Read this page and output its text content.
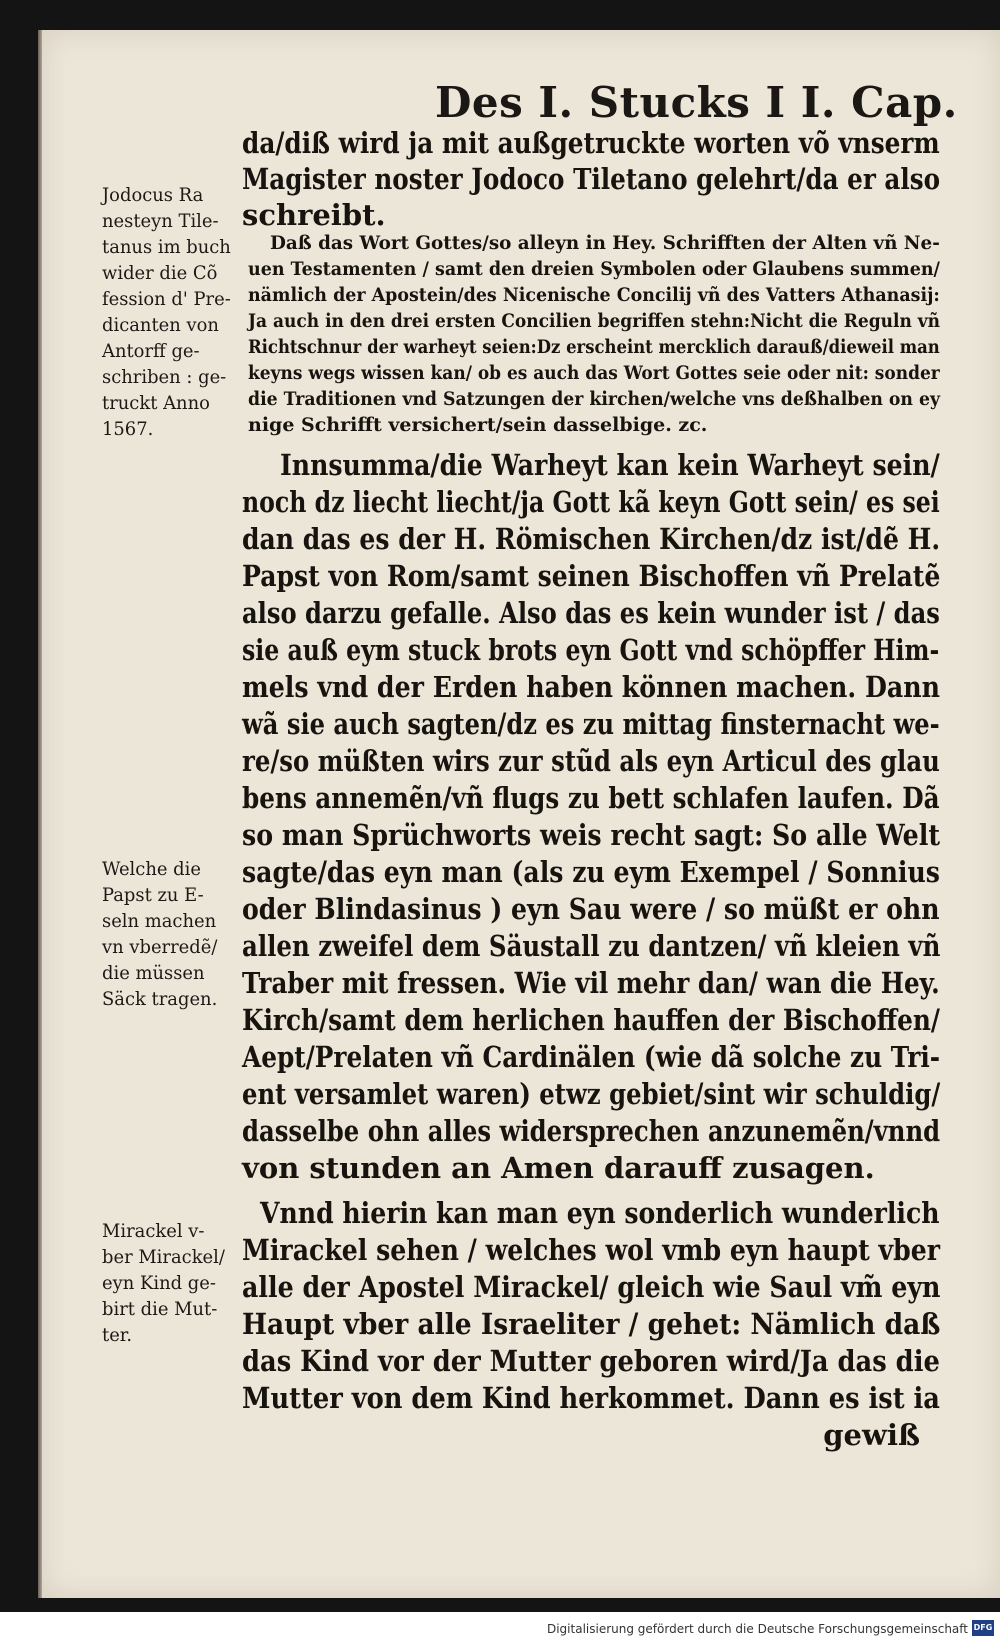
Des I. Stucks I I. Cap.
da/diß wird ja mit außgetruckte worten võ vnserm
Magister noster Jodoco Tiletano gelehrt/da er also
schreibt.
Daß das Wort Gottes/so alleyn in Hey. Schrifften der Alten vñ Ne-
uen Testamenten / samt den dreien Symbolen oder Glaubens summen/
nämlich der Apostein/des Nicenische Concilij vñ des Vatters Athanasij:
Ja auch in den drei ersten Concilien begriffen stehn:Nicht die Reguln vñ
Richtschnur der warheyt seien:Dz erscheint mercklich darauß/dieweil man
keyns wegs wissen kan/ ob es auch das Wort Gottes seie oder nit: sonder
die Traditionen vnd Satzungen der kirchen/welche vns deßhalben on ey
nige Schrifft versichert/sein dasselbige. zc.
Innsumma/die Warheyt kan kein Warheyt sein/
noch dz liecht liecht/ja Gott kã keyn Gott sein/ es sei
dan das es der H. Römischen Kirchen/dz ist/dẽ H.
Papst von Rom/samt seinen Bischoffen vñ Prelatẽ
also darzu gefalle. Also das es kein wunder ist / das
sie auß eym stuck brots eyn Gott vnd schöpffer Him-
mels vnd der Erden haben können machen. Dann
wã sie auch sagten/dz es zu mittag finsternacht we-
re/so müßten wirs zur stũd als eyn Articul des glau
bens annemẽn/vñ flugs zu bett schlafen laufen. Dã
so man Sprüchworts weis recht sagt: So alle Welt
sagte/das eyn man (als zu eym Exempel / Sonnius
oder Blindasinus ) eyn Sau were / so müßt er ohn
allen zweifel dem Säustall zu dantzen/ vñ kleien vñ
Traber mit fressen. Wie vil mehr dan/ wan die Hey.
Kirch/samt dem herlichen hauffen der Bischoffen/
Aept/Prelaten vñ Cardinälen (wie dã solche zu Tri-
ent versamlet waren) etwz gebiet/sint wir schuldig/
dasselbe ohn alles widersprechen anzunemẽn/vnnd
von stunden an Amen darauff zusagen.
Vnnd hierin kan man eyn sonderlich wunderlich
Mirackel sehen / welches wol vmb eyn haupt vber
alle der Apostel Mirackel/ gleich wie Saul vm̃ eyn
Haupt vber alle Israeliter / gehet: Nämlich daß
das Kind vor der Mutter geboren wird/Ja das die
Mutter von dem Kind herkommet. Dann es ist ia
gewiß
Jodocus Ra
nesteyn Tile-
tanus im buch
wider die Cõ
fession d' Pre-
dicanten von
Antorff ge-
schriben : ge-
truckt Anno
1567.
Welche die
Papst zu E-
seln machen
vn vberredẽ/
die müssen
Säck tragen.
Mirackel v-
ber Mirackel/
eyn Kind ge-
birt die Mut-
ter.
Digitalisierung gefördert durch die Deutsche Forschungsgemeinschaft DFG
